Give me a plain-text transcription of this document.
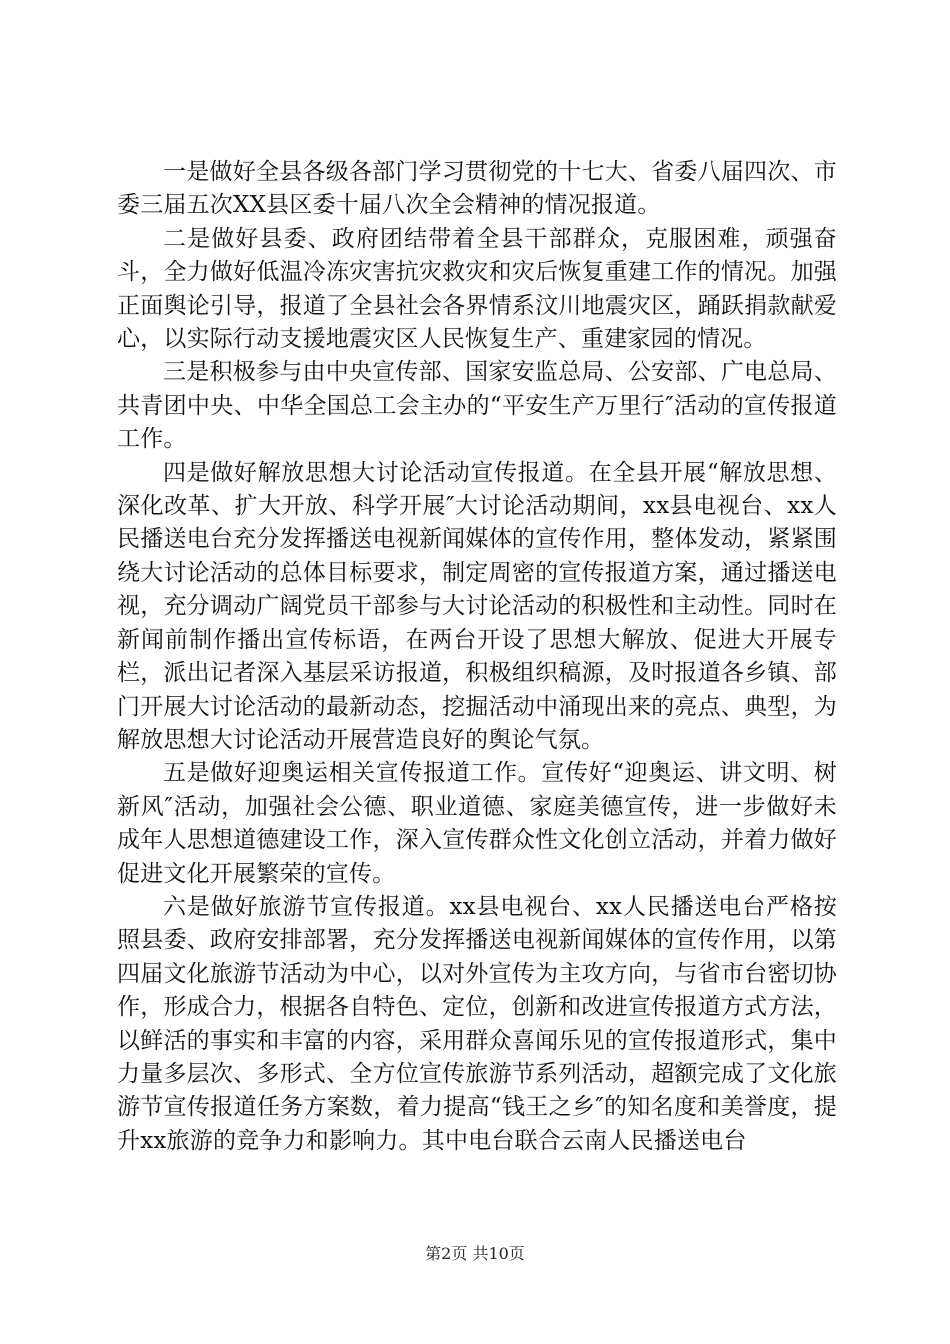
一是做好全县各级各部门学习贯彻党的十七大、省委八届四次、市委三届五次XX县区委十届八次全会精神的情况报道。

二是做好县委、政府团结带着全县干部群众，克服困难，顽强奋斗，全力做好低温冷冻灾害抗灾救灾和灾后恢复重建工作的情况。加强正面舆论引导，报道了全县社会各界情系汶川地震灾区，踊跃捐款献爱心，以实际行动支援地震灾区人民恢复生产、重建家园的情况。

三是积极参与由中央宣传部、国家安监总局、公安部、广电总局、共青团中央、中华全国总工会主办的“平安生产万里行″活动的宣传报道工作。

四是做好解放思想大讨论活动宣传报道。在全县开展“解放思想、深化改革、扩大开放、科学开展″大讨论活动期间，xx县电视台、xx人民播送电台充分发挥播送电视新闻媒体的宣传作用，整体发动，紧紧围绕大讨论活动的总体目标要求，制定周密的宣传报道方案，通过播送电视，充分调动广阔党员干部参与大讨论活动的积极性和主动性。同时在新闻前制作播出宣传标语，在两台开设了思想大解放、促进大开展专栏，派出记者深入基层采访报道，积极组织稿源，及时报道各乡镇、部门开展大讨论活动的最新动态，挖掘活动中涌现出来的亮点、典型，为解放思想大讨论活动开展营造良好的舆论气氛。

五是做好迎奥运相关宣传报道工作。宣传好“迎奥运、讲文明、树新风″活动，加强社会公德、职业道德、家庭美德宣传，进一步做好未成年人思想道德建设工作，深入宣传群众性文化创立活动，并着力做好促进文化开展繁荣的宣传。

六是做好旅游节宣传报道。xx县电视台、xx人民播送电台严格按照县委、政府安排部署，充分发挥播送电视新闻媒体的宣传作用，以第四届文化旅游节活动为中心，以对外宣传为主攻方向，与省市台密切协作，形成合力，根据各自特色、定位，创新和改进宣传报道方式方法，以鲜活的事实和丰富的内容，采用群众喜闻乐见的宣传报道形式，集中力量多层次、多形式、全方位宣传旅游节系列活动，超额完成了文化旅游节宣传报道任务方案数，着力提高“钱王之乡″的知名度和美誉度，提升xx旅游的竞争力和影响力。其中电台联合云南人民播送电台

第2页 共10页
